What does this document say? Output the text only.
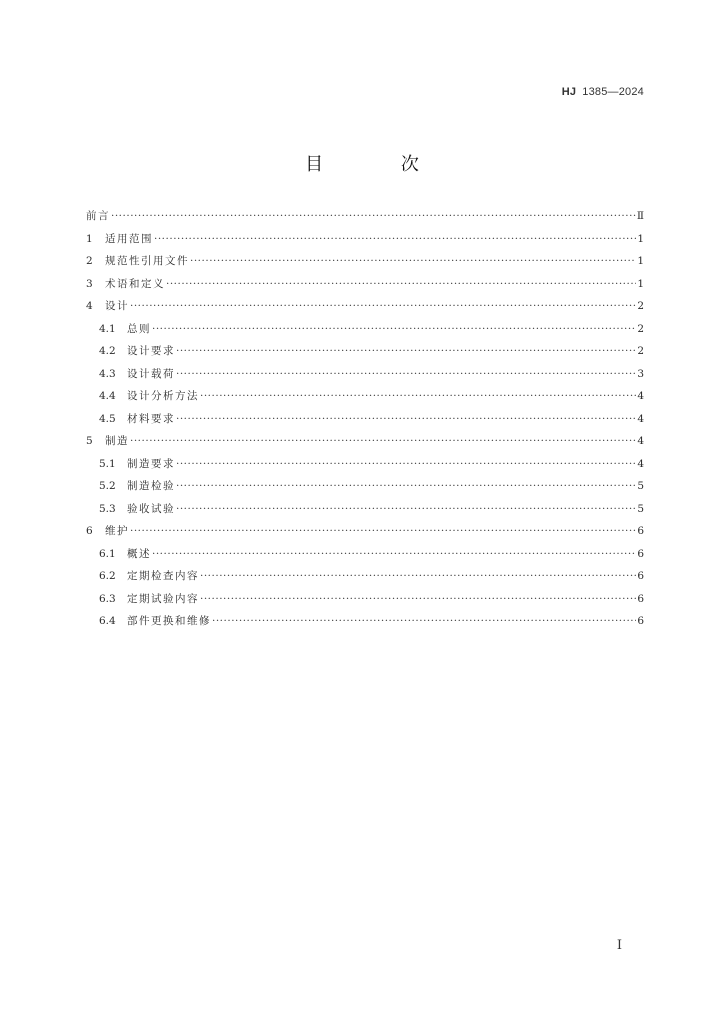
HJ 1385—2024
目 次
前言 ·····	Ⅱ
1	适用范围 ·····	1
2	规范性引用文件 ·····	1
3	术语和定义 ·····	1
4	设计 ·····	2
4.1	总则 ·····	2
4.2	设计要求 ·····	2
4.3	设计载荷 ·····	3
4.4	设计分析方法 ·····	4
4.5	材料要求 ·····	4
5	制造 ·····	4
5.1	制造要求 ·····	4
5.2	制造检验 ·····	5
5.3	验收试验 ·····	5
6	维护 ·····	6
6.1	概述 ·····	6
6.2	定期检查内容 ·····	6
6.3	定期试验内容 ·····	6
6.4	部件更换和维修 ·····	6
I
